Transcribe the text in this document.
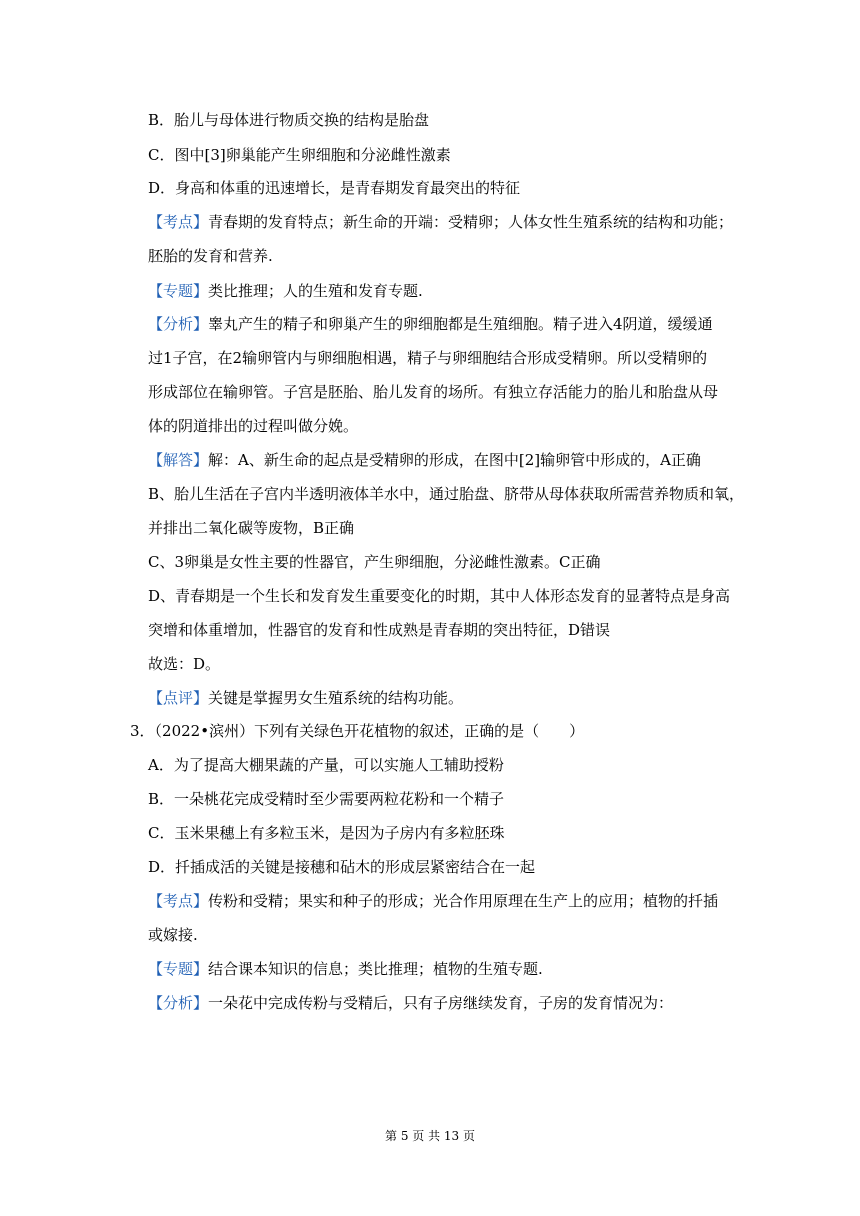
B．胎儿与母体进行物质交换的结构是胎盘
C．图中[3]卵巢能产生卵细胞和分泌雌性激素
D．身高和体重的迅速增长，是青春期发育最突出的特征
【考点】青春期的发育特点；新生命的开端：受精卵；人体女性生殖系统的结构和功能；
胚胎的发育和营养.
【专题】类比推理；人的生殖和发育专题.
【分析】睾丸产生的精子和卵巢产生的卵细胞都是生殖细胞。精子进入4阴道，缓缓通
过1子宫，在2输卵管内与卵细胞相遇，精子与卵细胞结合形成受精卵。所以受精卵的
形成部位在输卵管。子宫是胚胎、胎儿发育的场所。有独立存活能力的胎儿和胎盘从母
体的阴道排出的过程叫做分娩。
【解答】解：A、新生命的起点是受精卵的形成，在图中[2]输卵管中形成的，A正确
B、胎儿生活在子宫内半透明液体羊水中，通过胎盘、脐带从母体获取所需营养物质和氧，
并排出二氧化碳等废物，B正确
C、3卵巢是女性主要的性器官，产生卵细胞，分泌雌性激素。C正确
D、青春期是一个生长和发育发生重要变化的时期，其中人体形态发育的显著特点是身高
突增和体重增加，性器官的发育和性成熟是青春期的突出特征，D错误
故选：D。
【点评】关键是掌握男女生殖系统的结构功能。
3．（2022•滨州）下列有关绿色开花植物的叙述，正确的是（　　）
A．为了提高大棚果蔬的产量，可以实施人工辅助授粉
B．一朵桃花完成受精时至少需要两粒花粉和一个精子
C．玉米果穗上有多粒玉米，是因为子房内有多粒胚珠
D．扦插成活的关键是接穗和砧木的形成层紧密结合在一起
【考点】传粉和受精；果实和种子的形成；光合作用原理在生产上的应用；植物的扦插
或嫁接.
【专题】结合课本知识的信息；类比推理；植物的生殖专题.
【分析】一朵花中完成传粉与受精后，只有子房继续发育，子房的发育情况为：
第 5 页 共 13 页
